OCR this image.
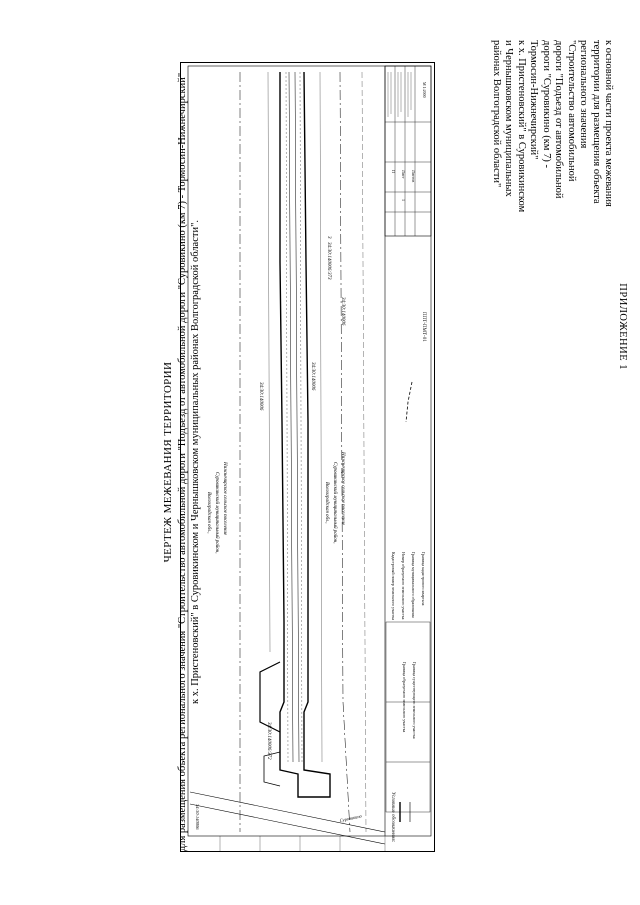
ПРИЛОЖЕНИЕ 1
к основной части проекта межевания
территории для размещения объекта
регионального значения
"Строительство автомобильной
дороги "Подъезд от автомобильной
дороги "Суровикино (км 7) -
Тормосин-Нижнечирский"
к х. Пристеновский" в Суровикинском
и Чернышковском муниципальных
районах Волгоградской области"
ЧЕРТЕЖ МЕЖЕВАНИЯ ТЕРРИТОРИИ для размещения объекта регионального значения "Строительство автомобильной дороги "Подъезд от автомобильной дороги "Суровикино (км 7) - Тормосин-Нижнечирский" к х. Пристеновский" в Суровикинском и Чернышковском муниципальных районах Волгоградской области".	ППТ-ПМТ-01
П Лист Листов
1
М 1:2000
Условные обозначения:
Граница образуемого земельного участка Граница существующего земельного участка
Кадастровый номер земельного участка Номер образуемого земельного участка Граница муниципального образования Граница кадастрового квартала
34:30:140006
34:30:140006
34:30:140006:372
34:30:140006:373
3
Волгоградская обл., Суровикинский муниципальный район, Нижнечирское сельское поселение	Волгоградская обл., Суровикинский муниципальный район, Нижнечирское сельское поселение
Суровикино
34:30:140006
34:30:140006
